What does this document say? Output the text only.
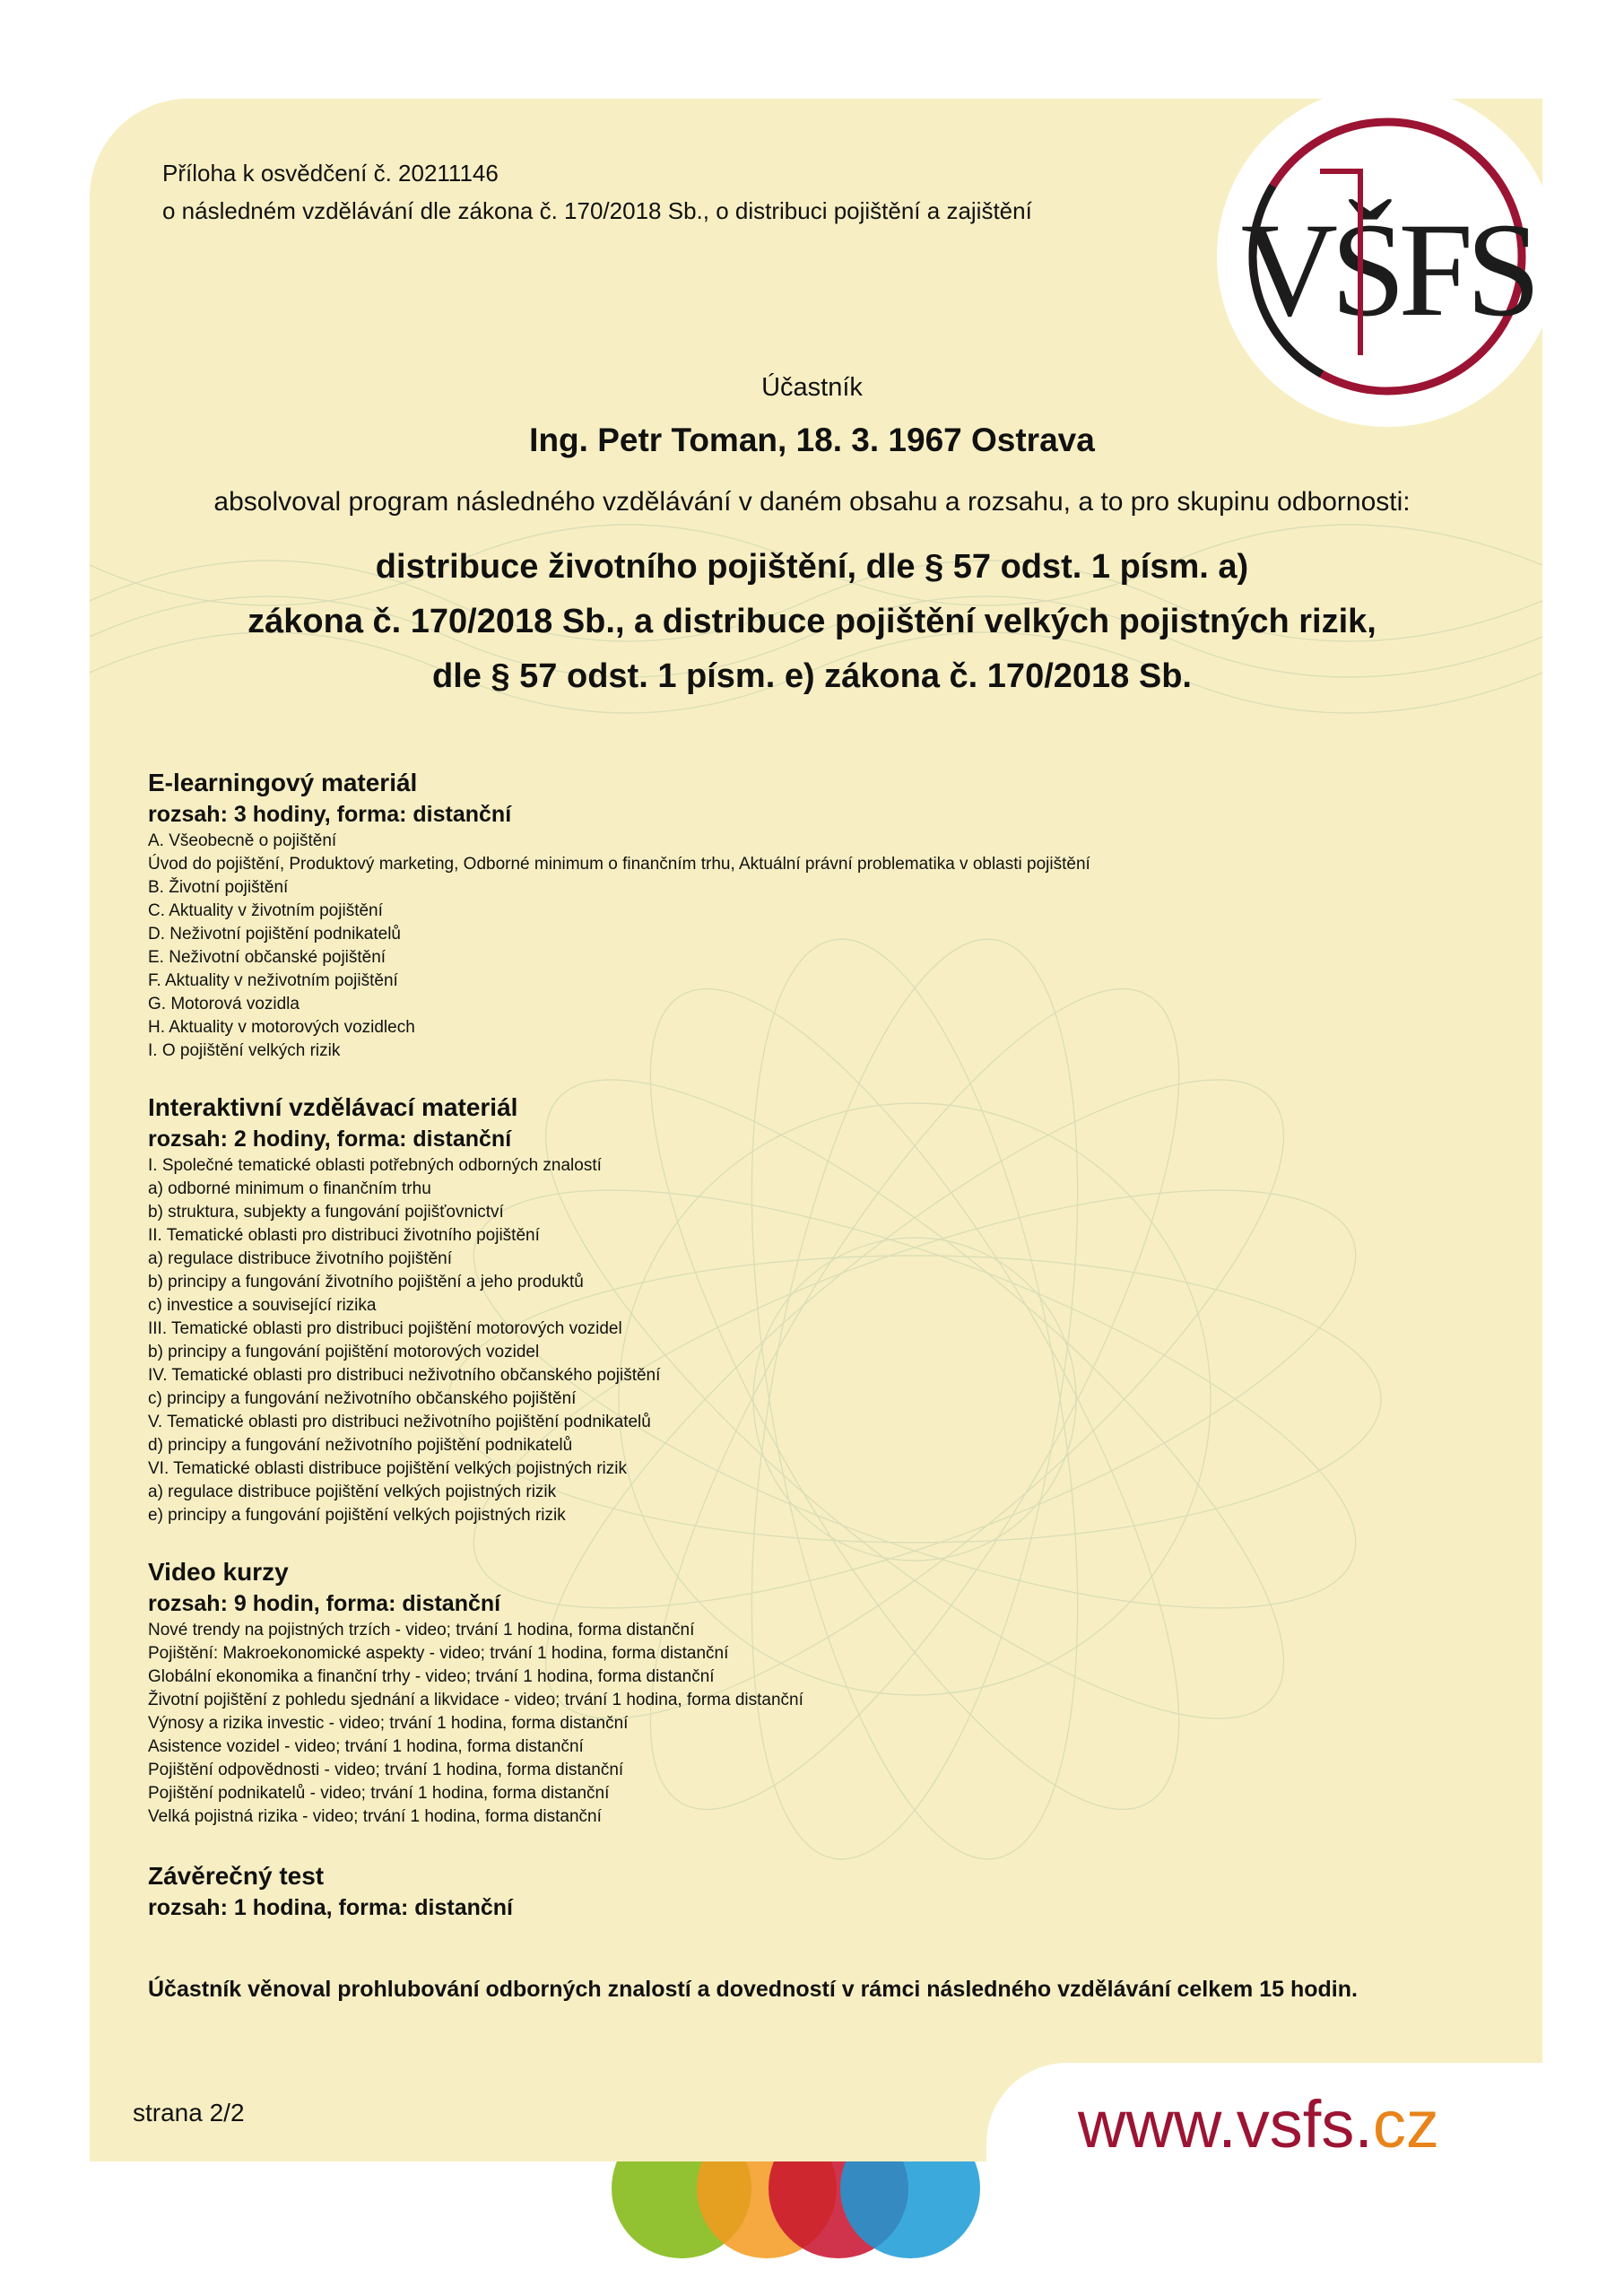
VŠFS

Příloha k osvědčení č. 20211146

o následném vzdělávání dle zákona č. 170/2018 Sb., o distribuci pojištění a zajištění

Účastník

Ing. Petr Toman, 18. 3. 1967 Ostrava

absolvoval program následného vzdělávání v daném obsahu a rozsahu, a to pro skupinu odbornosti:

distribuce životního pojištění, dle § 57 odst. 1 písm. a)

zákona č. 170/2018 Sb., a distribuce pojištění velkých pojistných rizik,

dle § 57 odst. 1 písm. e) zákona č. 170/2018 Sb.

E-learningový materiál
rozsah: 3 hodiny, forma: distanční
A. Všeobecně o pojištění
Úvod do pojištění, Produktový marketing, Odborné minimum o finančním trhu, Aktuální právní problematika v oblasti pojištění
B. Životní pojištění
C. Aktuality v životním pojištění
D. Neživotní pojištění podnikatelů
E. Neživotní občanské pojištění
F. Aktuality v neživotním pojištění
G. Motorová vozidla
H. Aktuality v motorových vozidlech
I. O pojištění velkých rizik
Interaktivní vzdělávací materiál
rozsah: 2 hodiny, forma: distanční
I. Společné tematické oblasti potřebných odborných znalostí
a) odborné minimum o finančním trhu
b) struktura, subjekty a fungování pojišťovnictví
II. Tematické oblasti pro distribuci životního pojištění
a) regulace distribuce životního pojištění
b) principy a fungování životního pojištění a jeho produktů
c) investice a související rizika
III. Tematické oblasti pro distribuci pojištění motorových vozidel
b) principy a fungování pojištění motorových vozidel
IV. Tematické oblasti pro distribuci neživotního občanského pojištění
c) principy a fungování neživotního občanského pojištění
V. Tematické oblasti pro distribuci neživotního pojištění podnikatelů
d) principy a fungování neživotního pojištění podnikatelů
VI. Tematické oblasti distribuce pojištění velkých pojistných rizik
a) regulace distribuce pojištění velkých pojistných rizik
e) principy a fungování pojištění velkých pojistných rizik
Video kurzy
rozsah: 9 hodin, forma: distanční
Nové trendy na pojistných trzích - video; trvání 1 hodina, forma distanční
Pojištění: Makroekonomické aspekty - video; trvání 1 hodina, forma distanční
Globální ekonomika a finanční trhy - video; trvání 1 hodina, forma distanční
Životní pojištění z pohledu sjednání a likvidace - video; trvání 1 hodina, forma distanční
Výnosy a rizika investic - video; trvání 1 hodina, forma distanční
Asistence vozidel - video; trvání 1 hodina, forma distanční
Pojištění odpovědnosti - video; trvání 1 hodina, forma distanční
Pojištění podnikatelů - video; trvání 1 hodina, forma distanční
Velká pojistná rizika - video; trvání 1 hodina, forma distanční
Závěrečný test
rozsah: 1 hodina, forma: distanční

Účastník věnoval prohlubování odborných znalostí a dovedností v rámci následného vzdělávání celkem 15 hodin.

strana 2/2	www.vsfs.cz
